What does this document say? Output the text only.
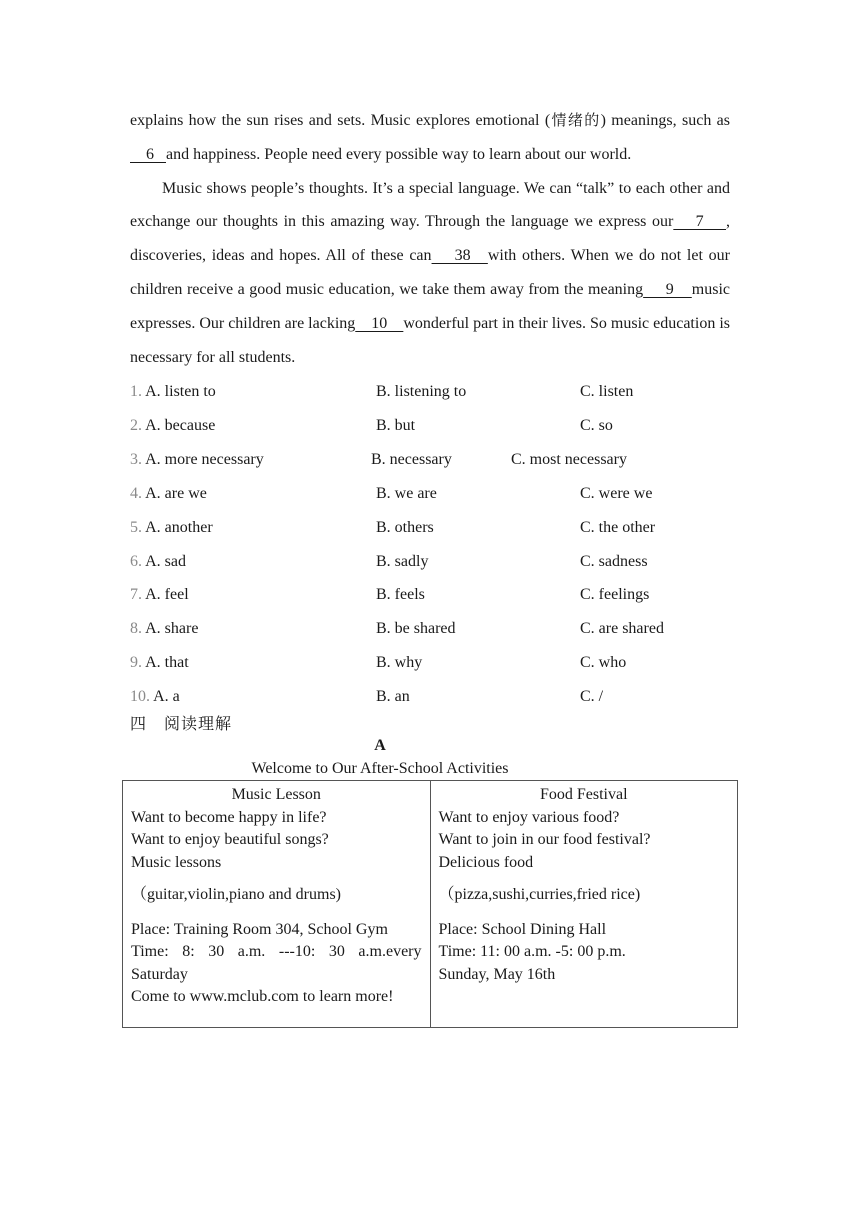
explains how the sun rises and sets. Music explores emotional (情绪的) meanings, such as    6   and happiness. People need every possible way to learn about our world.

Music shows people’s thoughts. It’s a special language. We can “talk” to each other and exchange our thoughts in this amazing way. Through the language we express our    7    , discoveries, ideas and hopes. All of these can    38   with others. When we do not let our children receive a good music education, we take them away from the meaning     9    music expresses. Our children are lacking    10    wonderful part in their lives. So music education is necessary for all students.

1. A. listen to	B. listening to	C. listen
2. A. because	B. but	C. so
3. A. more necessary	B. necessary	C. most necessary
4. A. are we	B. we are	C. were we
5. A. another	B. others	C. the other
6. A. sad	B. sadly	C. sadness
7. A. feel	B. feels	C. feelings
8. A. share	B. be shared	C. are shared
9. A. that	B. why	C. who
10. A. a	B. an	C. /
四　阅读理解
A
Welcome to Our After-School Activities
Music Lesson
Want to become happy in life?
Want to enjoy beautiful songs?
Music lessons
（guitar,violin,piano and drums)
Place: Training Room 304, School Gym
Time: 8: 30 a.m. ---10: 30 a.m.every
Saturday
Come to www.mclub.com to learn more!

Food Festival
Want to enjoy various food?
Want to join in our food festival?
Delicious food
（pizza,sushi,curries,fried rice)
Place: School Dining Hall
Time: 11: 00 a.m. -5: 00 p.m.
Sunday, May 16th
